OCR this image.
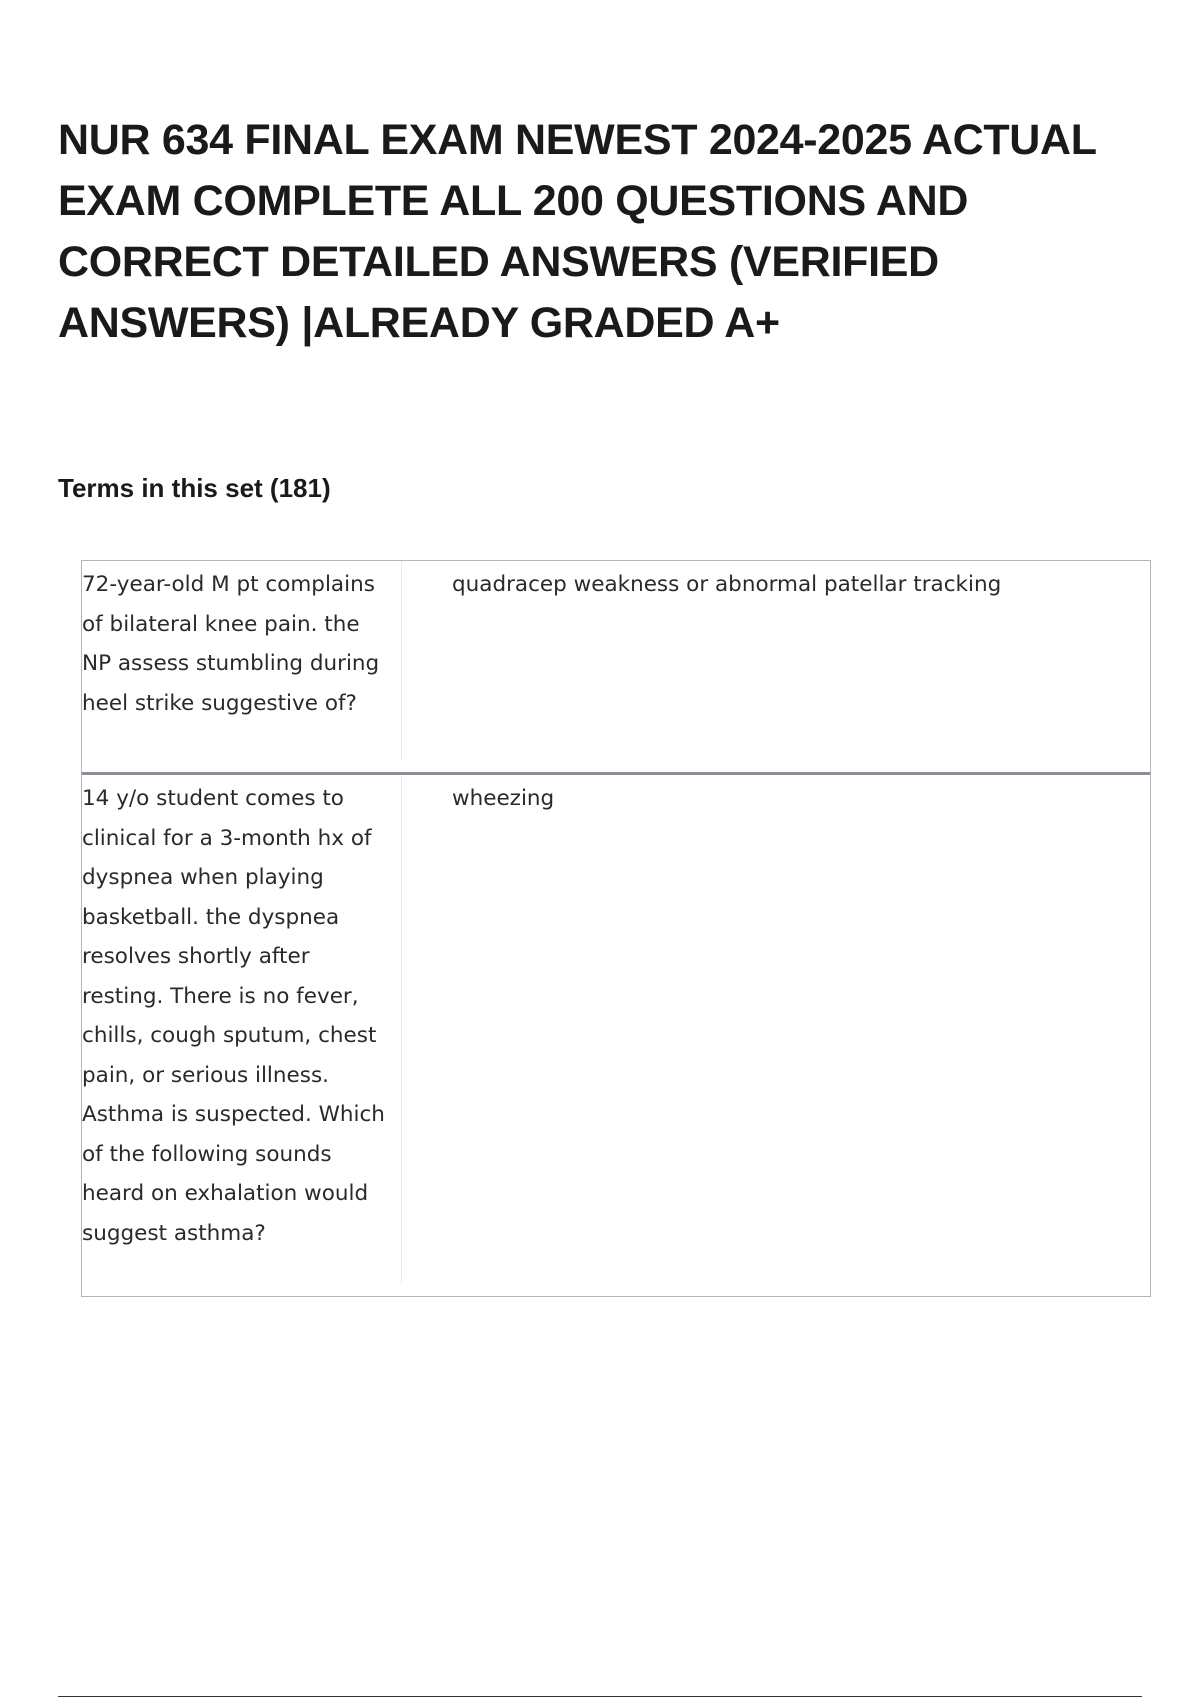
NUR 634 FINAL EXAM NEWEST 2024-2025 ACTUAL EXAM COMPLETE ALL 200 QUESTIONS AND CORRECT DETAILED ANSWERS (VERIFIED ANSWERS) |ALREADY GRADED A+
Terms in this set (181)
72-year-old M pt complains of bilateral knee pain. the NP assess stumbling during heel strike suggestive of?
quadracep weakness or abnormal patellar tracking
14 y/o student comes to clinical for a 3-month hx of dyspnea when playing basketball. the dyspnea resolves shortly after resting. There is no fever, chills, cough sputum, chest pain, or serious illness. Asthma is suspected. Which of the following sounds heard on exhalation would suggest asthma?
wheezing
